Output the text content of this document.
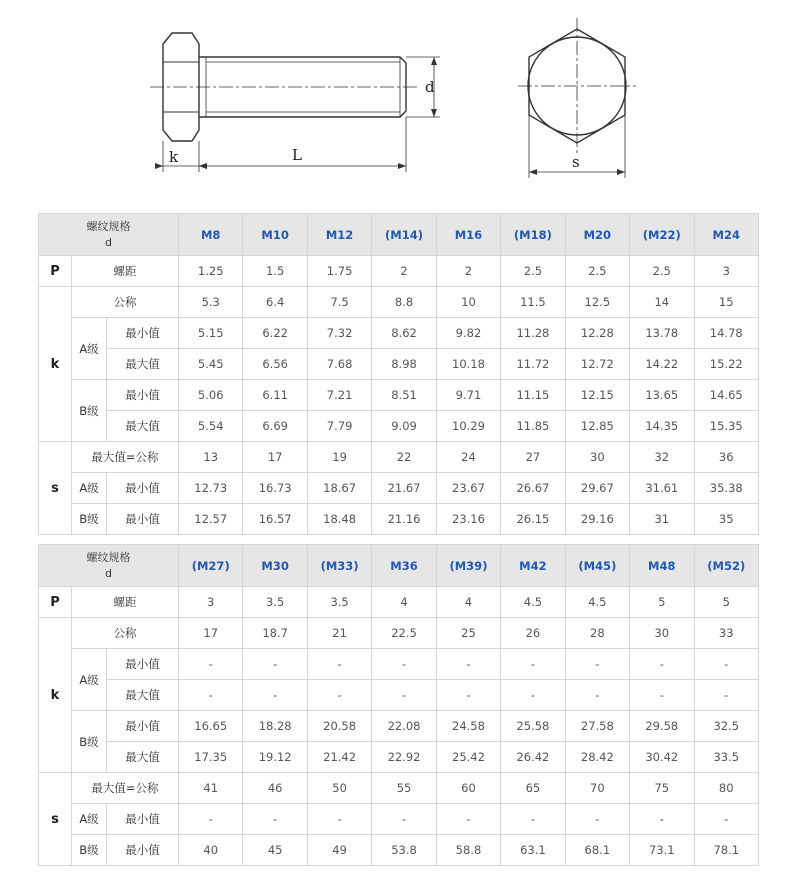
k	L
d
s
螺纹规格
d			M8	M10	M12	(M14)	M16	(M18)	M20	(M22)	M24
P	螺距		1.25	1.5	1.75	2	2	2.5	2.5	2.5	3
k	公称		5.3	6.4	7.5	8.8	10	11.5	12.5	14	15
	A级	最小值	5.15	6.22	7.32	8.62	9.82	11.28	12.28	13.78	14.78
		最大值	5.45	6.56	7.68	8.98	10.18	11.72	12.72	14.22	15.22
	B级	最小值	5.06	6.11	7.21	8.51	9.71	11.15	12.15	13.65	14.65
		最大值	5.54	6.69	7.79	9.09	10.29	11.85	12.85	14.35	15.35
s	最大值=公称		13	17	19	22	24	27	30	32	36
	A级	最小值	12.73	16.73	18.67	21.67	23.67	26.67	29.67	31.61	35.38
	B级	最小值	12.57	16.57	18.48	21.16	23.16	26.15	29.16	31	35
螺纹规格
d			(M27)	M30	(M33)	M36	(M39)	M42	(M45)	M48	(M52)
P	螺距		3	3.5	3.5	4	4	4.5	4.5	5	5
k	公称		17	18.7	21	22.5	25	26	28	30	33
	A级	最小值	-	-	-	-	-	-	-	-	-
		最大值	-	-	-	-	-	-	-	-	-
	B级	最小值	16.65	18.28	20.58	22.08	24.58	25.58	27.58	29.58	32.5
		最大值	17.35	19.12	21.42	22.92	25.42	26.42	28.42	30.42	33.5
s	最大值=公称		41	46	50	55	60	65	70	75	80
	A级	最小值	-	-	-	-	-	-	-	-	-
	B级	最小值	40	45	49	53.8	58.8	63.1	68.1	73.1	78.1
